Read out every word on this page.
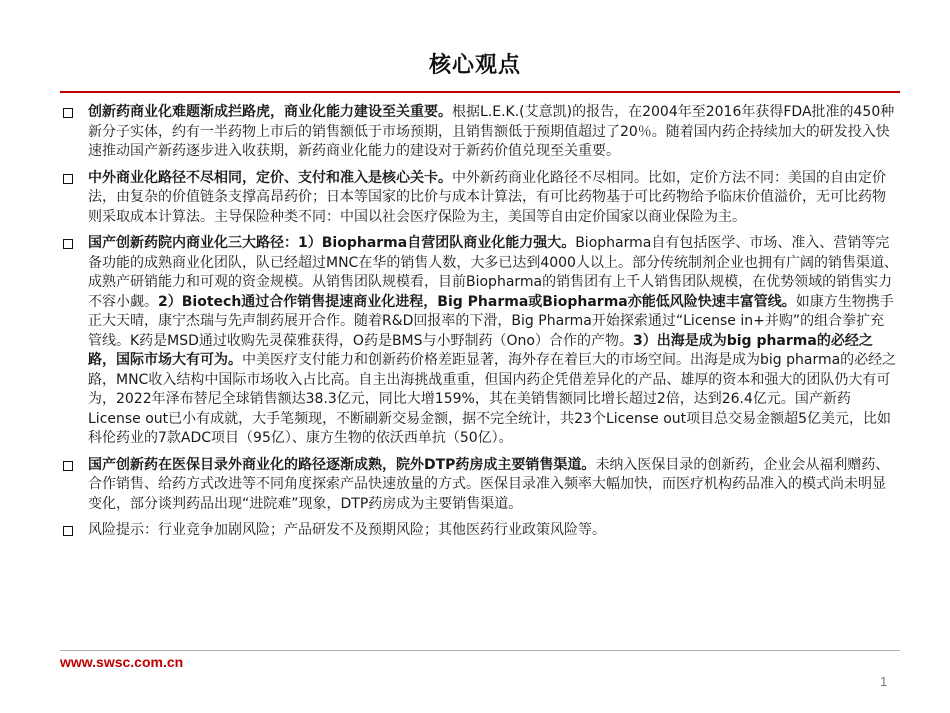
核心观点
创新药商业化难题渐成拦路虎，商业化能力建设至关重要。根据L.E.K.(艾意凯)的报告，在2004年至2016年获得FDA批准的450种新分子实体，约有一半药物上市后的销售额低于市场预期，且销售额低于预期值超过了20％。随着国内药企持续加大的研发投入快速推动国产新药逐步进入收获期，新药商业化能力的建设对于新药价值兑现至关重要。
中外商业化路径不尽相同，定价、支付和准入是核心关卡。中外新药商业化路径不尽相同。比如，定价方法不同：美国的自由定价法，由复杂的价值链条支撑高昂药价；日本等国家的比价与成本计算法，有可比药物基于可比药物给予临床价值溢价，无可比药物则采取成本计算法。主导保险种类不同：中国以社会医疗保险为主，美国等自由定价国家以商业保险为主。
国产创新药院内商业化三大路径：1）Biopharma自营团队商业化能力强大。Biopharma自有包括医学、市场、准入、营销等完备功能的成熟商业化团队，队已经超过MNC在华的销售人数，大多已达到4000人以上。部分传统制剂企业也拥有广阔的销售渠道、成熟产研销能力和可观的资金规模。从销售团队规模看，目前Biopharma的销售团有上千人销售团队规模，在优势领域的销售实力不容小觑。2）Biotech通过合作销售提速商业化进程，Big Pharma或Biopharma亦能低风险快速丰富管线。如康方生物携手正大天晴，康宁杰瑞与先声制药展开合作。随着R&D回报率的下滑，Big Pharma开始探索通过“License in+并购”的组合拳扩充管线。K药是MSD通过收购先灵葆雅获得，O药是BMS与小野制药（Ono）合作的产物。3）出海是成为big pharma的必经之路，国际市场大有可为。中美医疗支付能力和创新药价格差距显著，海外存在着巨大的市场空间。出海是成为big pharma的必经之路，MNC收入结构中国际市场收入占比高。自主出海挑战重重，但国内药企凭借差异化的产品、雄厚的资本和强大的团队仍大有可为，2022年泽布替尼全球销售额达38.3亿元，同比大增159%，其在美销售额同比增长超过2倍，达到26.4亿元。国产新药License out已小有成就，大手笔频现，不断刷新交易金额，据不完全统计，共23个License out项目总交易金额超5亿美元，比如科伦药业的7款ADC项目（95亿）、康方生物的依沃西单抗（50亿）。
国产创新药在医保目录外商业化的路径逐渐成熟，院外DTP药房成主要销售渠道。未纳入医保目录的创新药，企业会从福利赠药、合作销售、给药方式改进等不同角度探索产品快速放量的方式。医保目录准入频率大幅加快，而医疗机构药品准入的模式尚未明显变化，部分谈判药品出现“进院难”现象，DTP药房成为主要销售渠道。
风险提示：行业竞争加剧风险；产品研发不及预期风险；其他医药行业政策风险等。
www.swsc.com.cn
1
